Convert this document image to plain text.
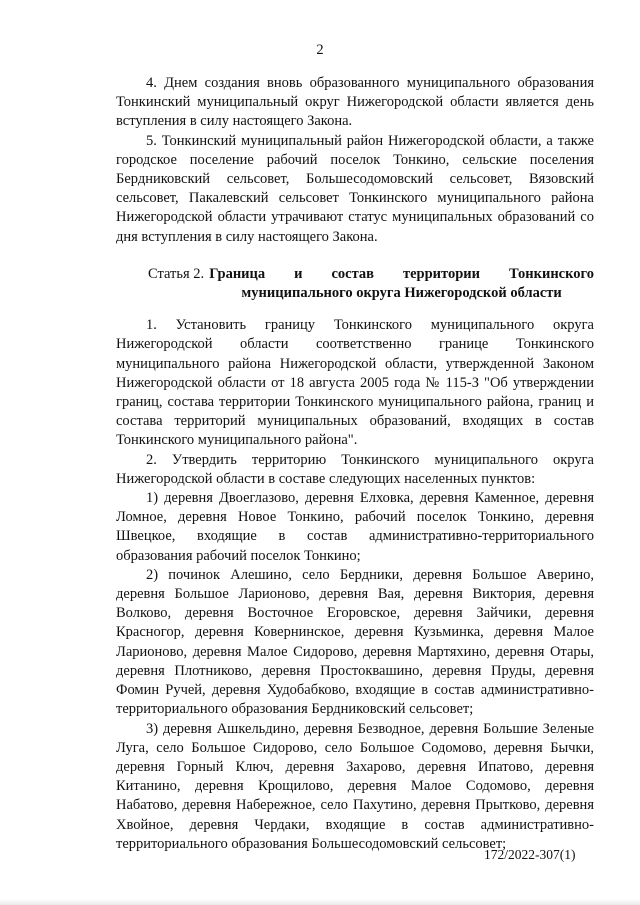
2

4. Днем создания вновь образованного муниципального образования Тонкинский муниципальный округ Нижегородской области является день вступления в силу настоящего Закона.

5. Тонкинский муниципальный район Нижегородской области, а также городское поселение рабочий поселок Тонкино, сельские поселения Бердниковский сельсовет, Большесодомовский сельсовет, Вязовский сельсовет, Пакалевский сельсовет Тонкинского муниципального района Нижегородской области утрачивают статус муниципальных образований со дня вступления в силу настоящего Закона.

Статья 2. Граница и состав территории Тонкинского муниципального округа Нижегородской области

1. Установить границу Тонкинского муниципального округа Нижегородской области соответственно границе Тонкинского муниципального района Нижегородской области, утвержденной Законом Нижегородской области от 18 августа 2005 года № 115-З "Об утверждении границ, состава территории Тонкинского муниципального района, границ и состава территорий муниципальных образований, входящих в состав Тонкинского муниципального района".

2. Утвердить территорию Тонкинского муниципального округа Нижегородской области в составе следующих населенных пунктов:

1) деревня Двоеглазово, деревня Елховка, деревня Каменное, деревня Ломное, деревня Новое Тонкино, рабочий поселок Тонкино, деревня Швецкое, входящие в состав административно-территориального образования рабочий поселок Тонкино;

2) починок Алешино, село Бердники, деревня Большое Аверино, деревня Большое Ларионово, деревня Вая, деревня Виктория, деревня Волково, деревня Восточное Егоровское, деревня Зайчики, деревня Красногор, деревня Ковернинское, деревня Кузьминка, деревня Малое Ларионово, деревня Малое Сидорово, деревня Мартяхино, деревня Отары, деревня Плотниково, деревня Простоквашино, деревня Пруды, деревня Фомин Ручей, деревня Худобабково, входящие в состав административно-территориального образования Бердниковский сельсовет;

3) деревня Ашкельдино, деревня Безводное, деревня Большие Зеленые Луга, село Большое Сидорово, село Большое Содомово, деревня Бычки, деревня Горный Ключ, деревня Захарово, деревня Ипатово, деревня Китанино, деревня Крощилово, деревня Малое Содомово, деревня Набатово, деревня Набережное, село Пахутино, деревня Прытково, деревня Хвойное, деревня Чердаки, входящие в состав административно-территориального образования Большесодомовский сельсовет;

172/2022-307(1)
